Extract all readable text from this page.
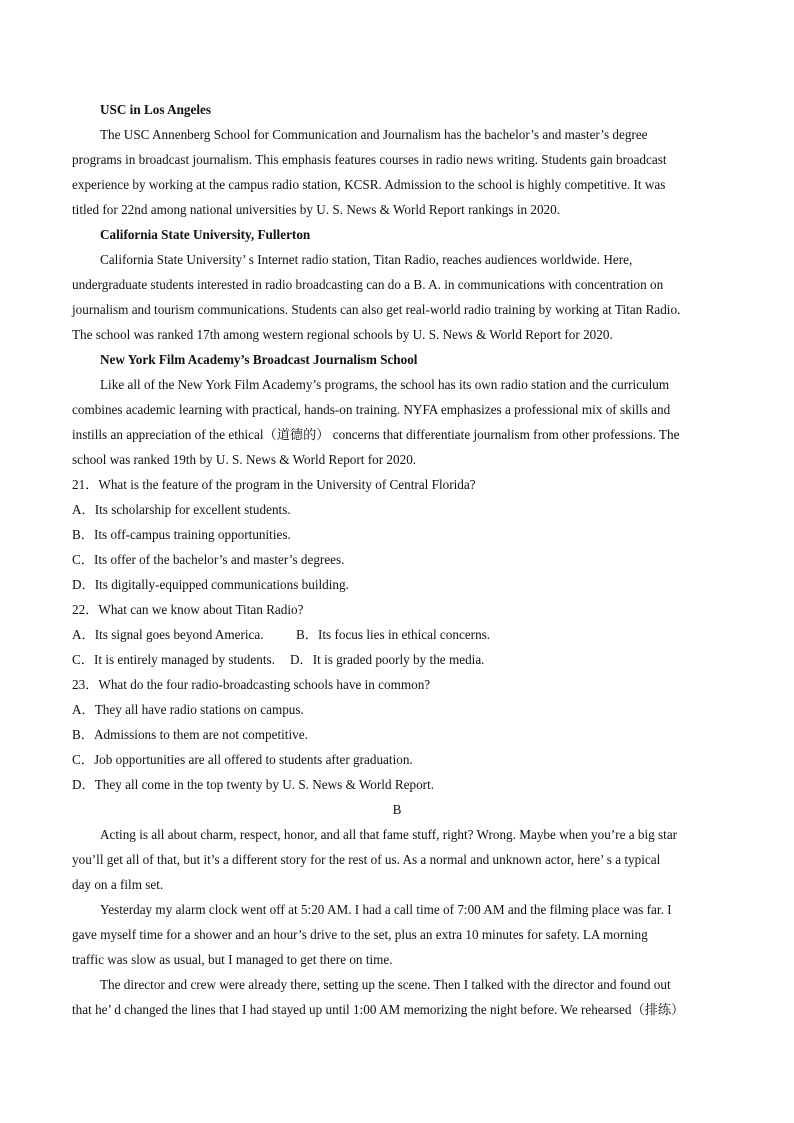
USC in Los Angeles
The USC Annenberg School for Communication and Journalism has the bachelor’s and master’s degree
programs in broadcast journalism. This emphasis features courses in radio news writing. Students gain broadcast
experience by working at the campus radio station, KCSR. Admission to the school is highly competitive. It was
titled for 22nd among national universities by U. S. News & World Report rankings in 2020.
California State University, Fullerton
California State University’ s Internet radio station, Titan Radio, reaches audiences worldwide. Here,
undergraduate students interested in radio broadcasting can do a B. A. in communications with concentration on
journalism and tourism communications. Students can also get real-world radio training by working at Titan Radio.
The school was ranked 17th among western regional schools by U. S. News & World Report for 2020.
New York Film Academy’s Broadcast Journalism School
Like all of the New York Film Academy’s programs, the school has its own radio station and the curriculum
combines academic learning with practical, hands-on training. NYFA emphasizes a professional mix of skills and
instills an appreciation of the ethical（道德的） concerns that differentiate journalism from other professions. The
school was ranked 19th by U. S. News & World Report for 2020.
21．What is the feature of the program in the University of Central Florida?
A．Its scholarship for excellent students.
B．Its off-campus training opportunities.
C．Its offer of the bachelor’s and master’s degrees.
D．Its digitally-equipped communications building.
22．What can we know about Titan Radio?
A．Its signal goes beyond America. B．Its focus lies in ethical concerns.
C．It is entirely managed by students. D．It is graded poorly by the media.
23．What do the four radio-broadcasting schools have in common?
A．They all have radio stations on campus.
B．Admissions to them are not competitive.
C．Job opportunities are all offered to students after graduation.
D．They all come in the top twenty by U. S. News & World Report.
B
Acting is all about charm, respect, honor, and all that fame stuff, right? Wrong. Maybe when you’re a big star
you’ll get all of that, but it’s a different story for the rest of us. As a normal and unknown actor, here’ s a typical
day on a film set.
Yesterday my alarm clock went off at 5:20 AM. I had a call time of 7:00 AM and the filming place was far. I
gave myself time for a shower and an hour’s drive to the set, plus an extra 10 minutes for safety. LA morning
traffic was slow as usual, but I managed to get there on time.
The director and crew were already there, setting up the scene. Then I talked with the director and found out
that he’ d changed the lines that I had stayed up until 1:00 AM memorizing the night before. We rehearsed（排练）
